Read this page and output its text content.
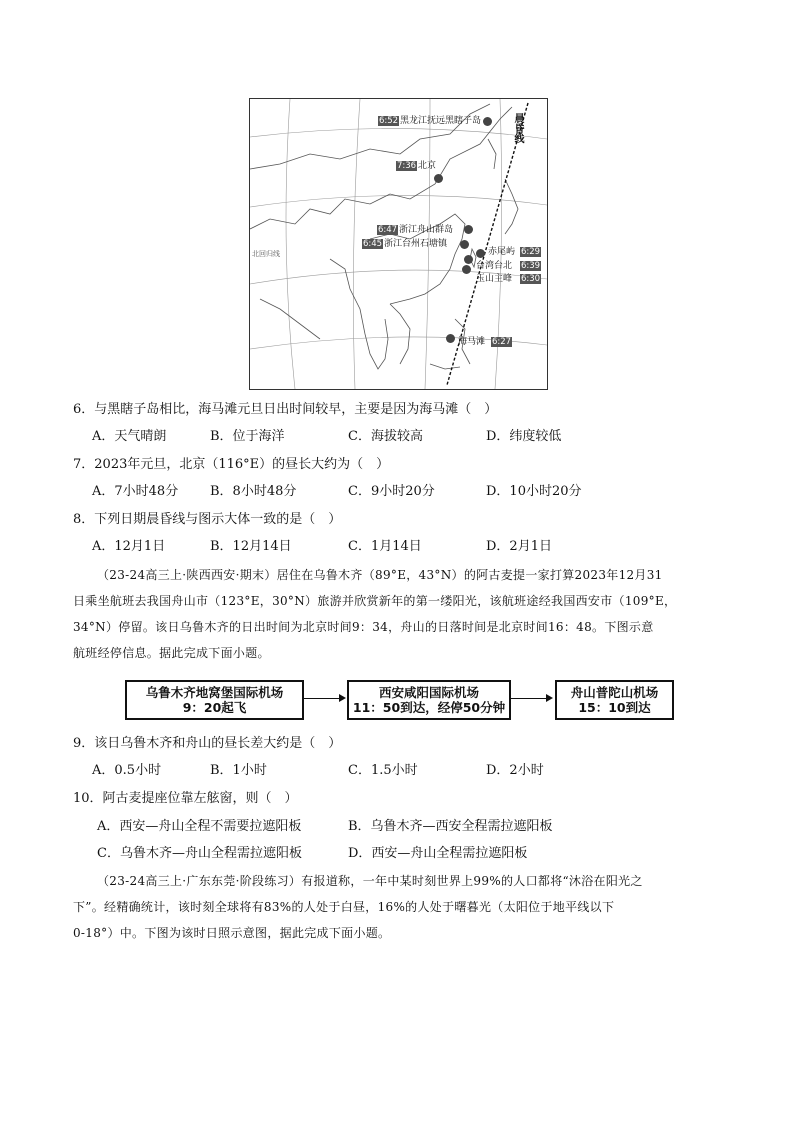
晨昏线
北回归线
6:52 黑龙江抚远黑瞎子岛
7:36 北京
6:47 浙江舟山群岛
6:45 浙江台州石塘镇
赤尾屿 6:29
台湾台北 6:39
玉山主峰 6:30
海马滩 6:27
6．与黑瞎子岛相比，海马滩元旦日出时间较早，主要是因为海马滩（　）
A．天气晴朗	B．位于海洋	C．海拔较高	D．纬度较低
7．2023年元旦，北京（116°E）的昼长大约为（　）
A．7小时48分 B．8小时48分	C．9小时20分	D．10小时20分
8．下列日期晨昏线与图示大体一致的是（　）
A．12月1日	B．12月14日	C．1月14日	D．2月1日

（23-24高三上·陕西西安·期末）居住在乌鲁木齐（89°E，43°N）的阿古麦提一家打算2023年12月31

日乘坐航班去我国舟山市（123°E，30°N）旅游并欣赏新年的第一缕阳光，该航班途经我国西安市（109°E，

34°N）停留。该日乌鲁木齐的日出时间为北京时间9：34，舟山的日落时间是北京时间16：48。下图示意

航班经停信息。据此完成下面小题。

乌鲁木齐地窝堡国际机场
9：20起飞
西安咸阳国际机场
11：50到达，经停50分钟
舟山普陀山机场
15：10到达
9．该日乌鲁木齐和舟山的昼长差大约是（　）
A．0.5小时	B．1小时	C．1.5小时	D．2小时
10．阿古麦提座位靠左舷窗，则（　）
A．西安—舟山全程不需要拉遮阳板	B．乌鲁木齐—西安全程需拉遮阳板
C．乌鲁木齐—舟山全程需拉遮阳板	D．西安—舟山全程需拉遮阳板

（23-24高三上·广东东莞·阶段练习）有报道称，一年中某时刻世界上99%的人口都将“沐浴在阳光之

下”。经精确统计，该时刻全球将有83%的人处于白昼，16%的人处于曙暮光（太阳位于地平线以下

0-18°）中。下图为该时日照示意图，据此完成下面小题。
